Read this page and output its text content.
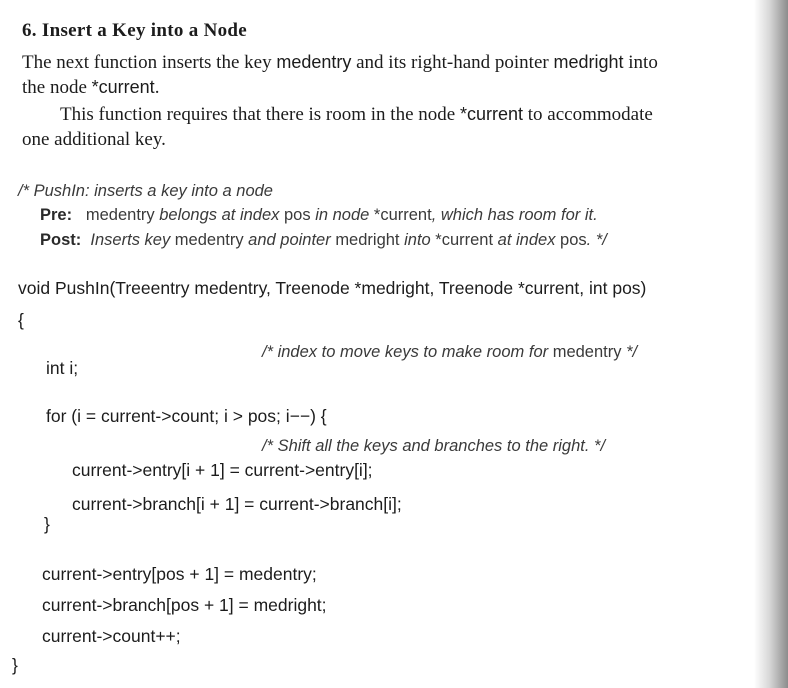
6. Insert a Key into a Node
The next function inserts the key medentry and its right-hand pointer medright into
the node *current.
This function requires that there is room in the node *current to accommodate
one additional key.
/* PushIn: inserts a key into a node
Pre: medentry belongs at index pos in node *current, which has room for it.
Post: Inserts key medentry and pointer medright into *current at index pos. */
void PushIn(Treeentry medentry, Treenode *medright, Treenode *current, int pos)
{
/* index to move keys to make room for medentry */
int i;
for (i = current->count; i > pos; i−−) {
/* Shift all the keys and branches to the right. */
current->entry[i + 1] = current->entry[i];
current->branch[i + 1] = current->branch[i];
}
current->entry[pos + 1] = medentry;
current->branch[pos + 1] = medright;
current->count++;
}
